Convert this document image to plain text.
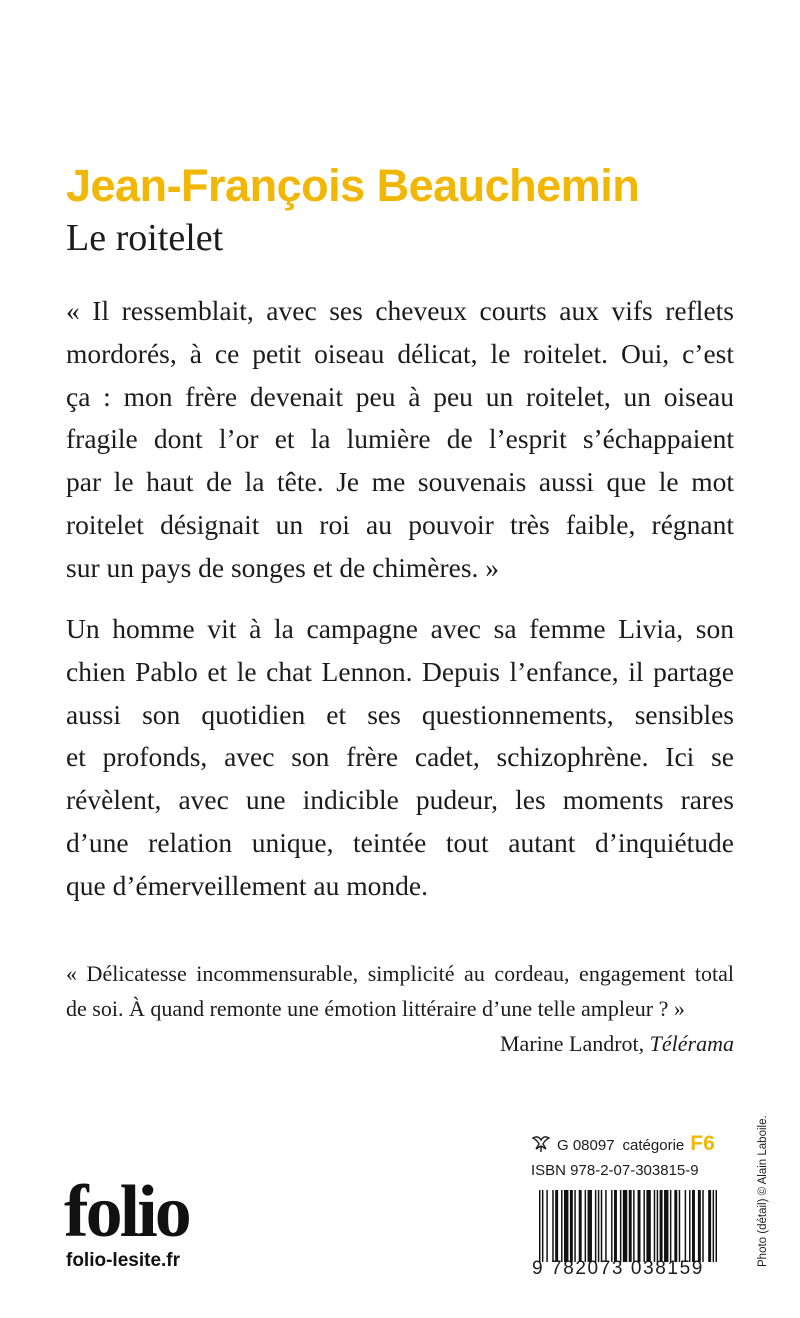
Jean-François Beauchemin
Le roitelet

« Il ressemblait, avec ses cheveux courts aux vifs reflets
mordorés, à ce petit oiseau délicat, le roitelet. Oui, c’est
ça : mon frère devenait peu à peu un roitelet, un oiseau
fragile dont l’or et la lumière de l’esprit s’échappaient
par le haut de la tête. Je me souvenais aussi que le mot
roitelet désignait un roi au pouvoir très faible, régnant
sur un pays de songes et de chimères. »

Un homme vit à la campagne avec sa femme Livia, son
chien Pablo et le chat Lennon. Depuis l’enfance, il partage
aussi son quotidien et ses questionnements, sensibles
et profonds, avec son frère cadet, schizophrène. Ici se
révèlent, avec une indicible pudeur, les moments rares
d’une relation unique, teintée tout autant d’inquiétude
que d’émerveillement au monde.

« Délicatesse incommensurable, simplicité au cordeau, engagement total
de soi. À quand remonte une émotion littéraire d’une telle ampleur ? »
Marine Landrot, Télérama

G 08097 catégorie F6
ISBN 978-2-07-303815-9
9 782073 038159
folio
folio-lesite.fr	Photo (détail) © Alain Laboile.
